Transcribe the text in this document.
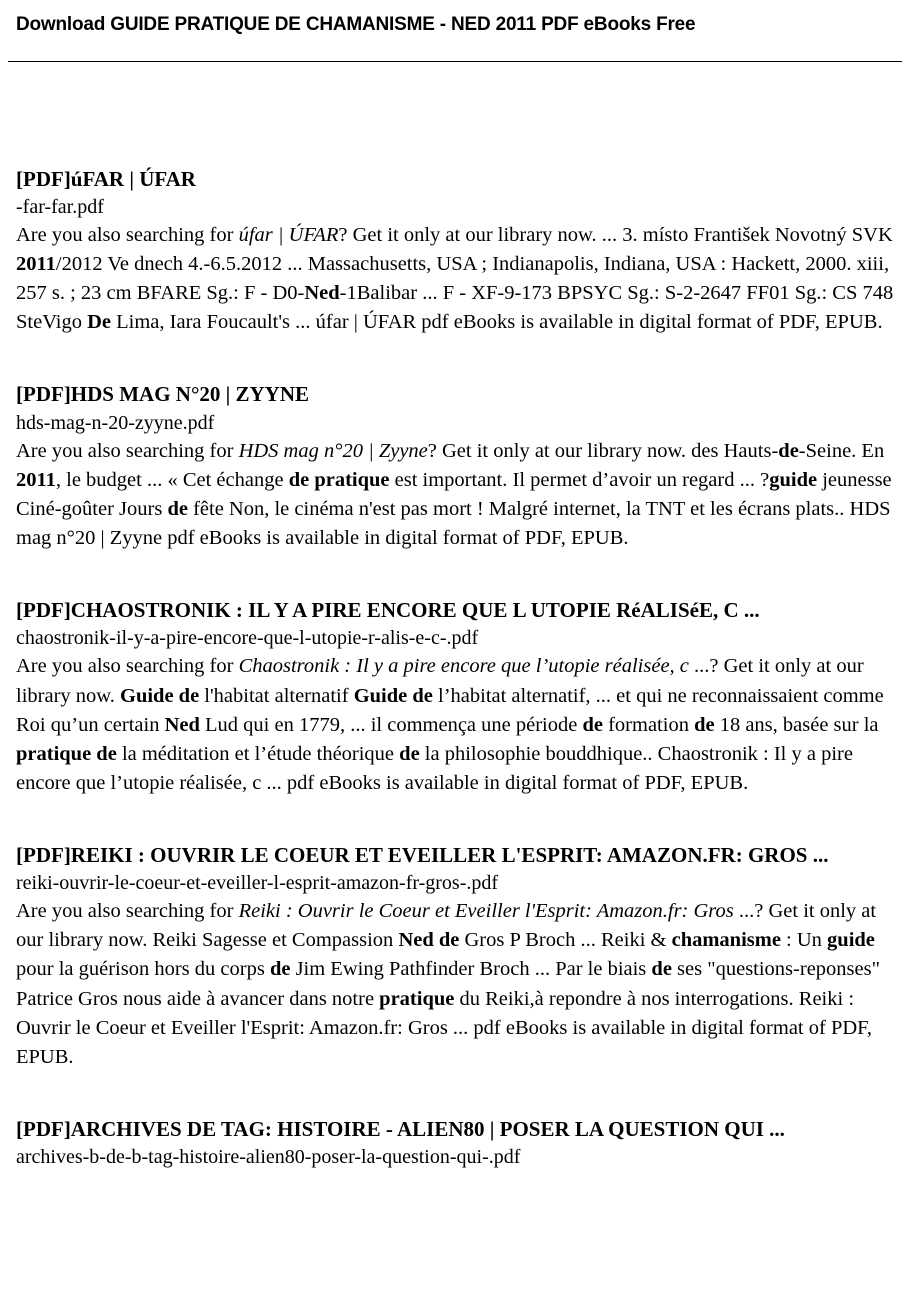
Download GUIDE PRATIQUE DE CHAMANISME - NED 2011 PDF eBooks Free
[PDF]úFAR | ÚFAR
-far-far.pdf
Are you also searching for úfar | ÚFAR? Get it only at our library now. ... 3. místo František Novotný SVK 2011/2012 Ve dnech 4.-6.5.2012 ... Massachusetts, USA ; Indianapolis, Indiana, USA : Hackett, 2000. xiii, 257 s. ; 23 cm BFARE Sg.: F - D0-Ned-1Balibar ... F - XF-9-173 BPSYC Sg.: S-2-2647 FF01 Sg.: CS 748 SteVigo De Lima, Iara Foucault's ... úfar | ÚFAR pdf eBooks is available in digital format of PDF, EPUB.
[PDF]HDS MAG N°20 | ZYYNE
hds-mag-n-20-zyyne.pdf
Are you also searching for HDS mag n°20 | Zyyne? Get it only at our library now. des Hauts-de-Seine. En 2011, le budget ... « Cet échange de pratique est important. Il permet d’avoir un regard ... ?guide jeunesse Ciné-goûter Jours de fête Non, le cinéma n'est pas mort ! Malgré internet, la TNT et les écrans plats.. HDS mag n°20 | Zyyne pdf eBooks is available in digital format of PDF, EPUB.
[PDF]CHAOSTRONIK : IL Y A PIRE ENCORE QUE L UTOPIE RéALISéE, C ...
chaostronik-il-y-a-pire-encore-que-l-utopie-r-alis-e-c-.pdf
Are you also searching for Chaostronik : Il y a pire encore que l’utopie réalisée, c ...? Get it only at our library now. Guide de l'habitat alternatif Guide de l’habitat alternatif, ... et qui ne reconnaissaient comme Roi qu’un certain Ned Lud qui en 1779, ... il commença une période de formation de 18 ans, basée sur la pratique de la méditation et l’étude théorique de la philosophie bouddhique.. Chaostronik : Il y a pire encore que l’utopie réalisée, c ... pdf eBooks is available in digital format of PDF, EPUB.
[PDF]REIKI : OUVRIR LE COEUR ET EVEILLER L'ESPRIT: AMAZON.FR: GROS ...
reiki-ouvrir-le-coeur-et-eveiller-l-esprit-amazon-fr-gros-.pdf
Are you also searching for Reiki : Ouvrir le Coeur et Eveiller l'Esprit: Amazon.fr: Gros ...? Get it only at our library now. Reiki Sagesse et Compassion Ned de Gros P Broch ... Reiki & chamanisme : Un guide pour la guérison hors du corps de Jim Ewing Pathfinder Broch ... Par le biais de ses "questions-reponses" Patrice Gros nous aide à avancer dans notre pratique du Reiki,à repondre à nos interrogations. Reiki : Ouvrir le Coeur et Eveiller l'Esprit: Amazon.fr: Gros ... pdf eBooks is available in digital format of PDF, EPUB.
[PDF]ARCHIVES DE TAG: HISTOIRE - ALIEN80 | POSER LA QUESTION QUI ...
archives-b-de-b-tag-histoire-alien80-poser-la-question-qui-.pdf
